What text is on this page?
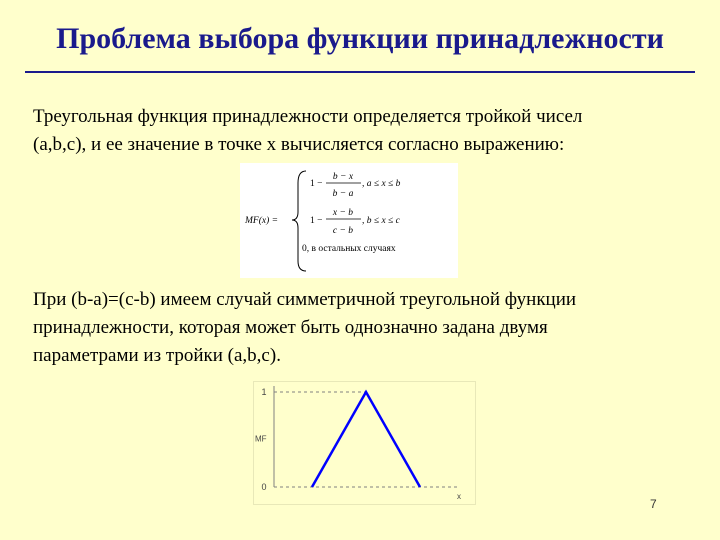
Проблема выбора функции принадлежности
Треугольная функция принадлежности определяется тройкой чисел
(a,b,c), и ее значение в точке x вычисляется согласно выражению:
MF(x) =
1 −
b − x
b − a
, a ≤ x ≤ b
1 −
x − b
c − b
, b ≤ x ≤ c
0, в остальных случаях
При (b-a)=(c-b) имеем случай симметричной треугольной функции
принадлежности, которая может быть однозначно задана двумя
параметрами из тройки (a,b,c).
1
0
MF
x
7
